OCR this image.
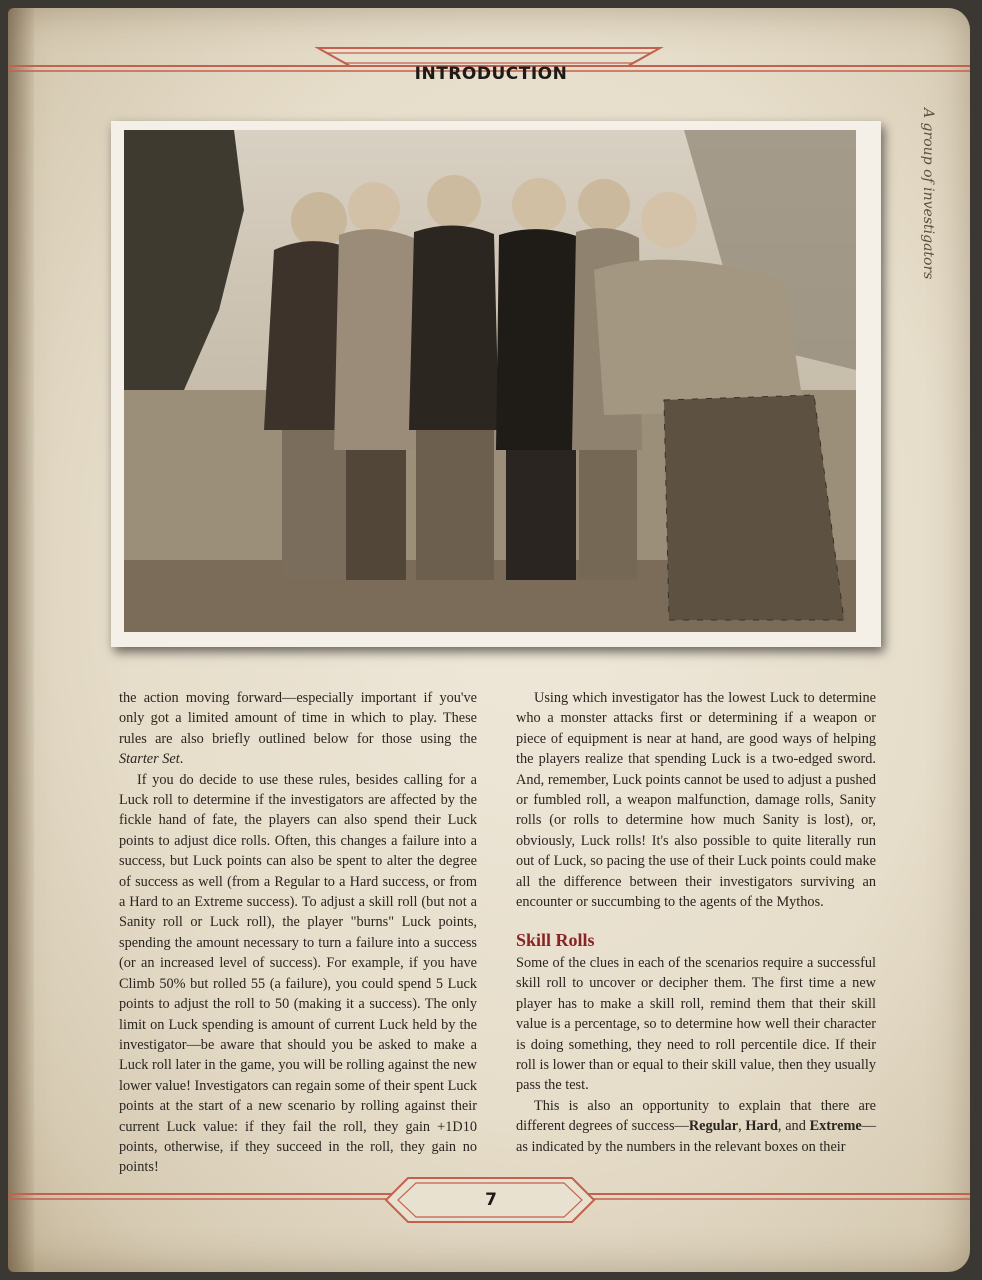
INTRODUCTION
A group of investigators

the action moving forward—especially important if you've only got a limited amount of time in which to play. These rules are also briefly outlined below for those using the Starter Set.

If you do decide to use these rules, besides calling for a Luck roll to determine if the investigators are affected by the fickle hand of fate, the players can also spend their Luck points to adjust dice rolls. Often, this changes a failure into a success, but Luck points can also be spent to alter the degree of success as well (from a Regular to a Hard success, or from a Hard to an Extreme success). To adjust a skill roll (but not a Sanity roll or Luck roll), the player "burns" Luck points, spending the amount necessary to turn a failure into a success (or an increased level of success). For example, if you have Climb 50% but rolled 55 (a failure), you could spend 5 Luck points to adjust the roll to 50 (making it a success). The only limit on Luck spending is amount of current Luck held by the investigator—be aware that should you be asked to make a Luck roll later in the game, you will be rolling against the new lower value! Investigators can regain some of their spent Luck points at the start of a new scenario by rolling against their current Luck value: if they fail the roll, they gain +1D10 points, otherwise, if they succeed in the roll, they gain no points!

Using which investigator has the lowest Luck to determine who a monster attacks first or determining if a weapon or piece of equipment is near at hand, are good ways of helping the players realize that spending Luck is a two-edged sword. And, remember, Luck points cannot be used to adjust a pushed or fumbled roll, a weapon malfunction, damage rolls, Sanity rolls (or rolls to determine how much Sanity is lost), or, obviously, Luck rolls! It's also possible to quite literally run out of Luck, so pacing the use of their Luck points could make all the difference between their investigators surviving an encounter or succumbing to the agents of the Mythos.

Skill Rolls

Some of the clues in each of the scenarios require a successful skill roll to uncover or decipher them. The first time a new player has to make a skill roll, remind them that their skill value is a percentage, so to determine how well their character is doing something, they need to roll percentile dice. If their roll is lower than or equal to their skill value, then they usually pass the test.

This is also an opportunity to explain that there are different degrees of success—Regular, Hard, and Extreme— as indicated by the numbers in the relevant boxes on their

7
